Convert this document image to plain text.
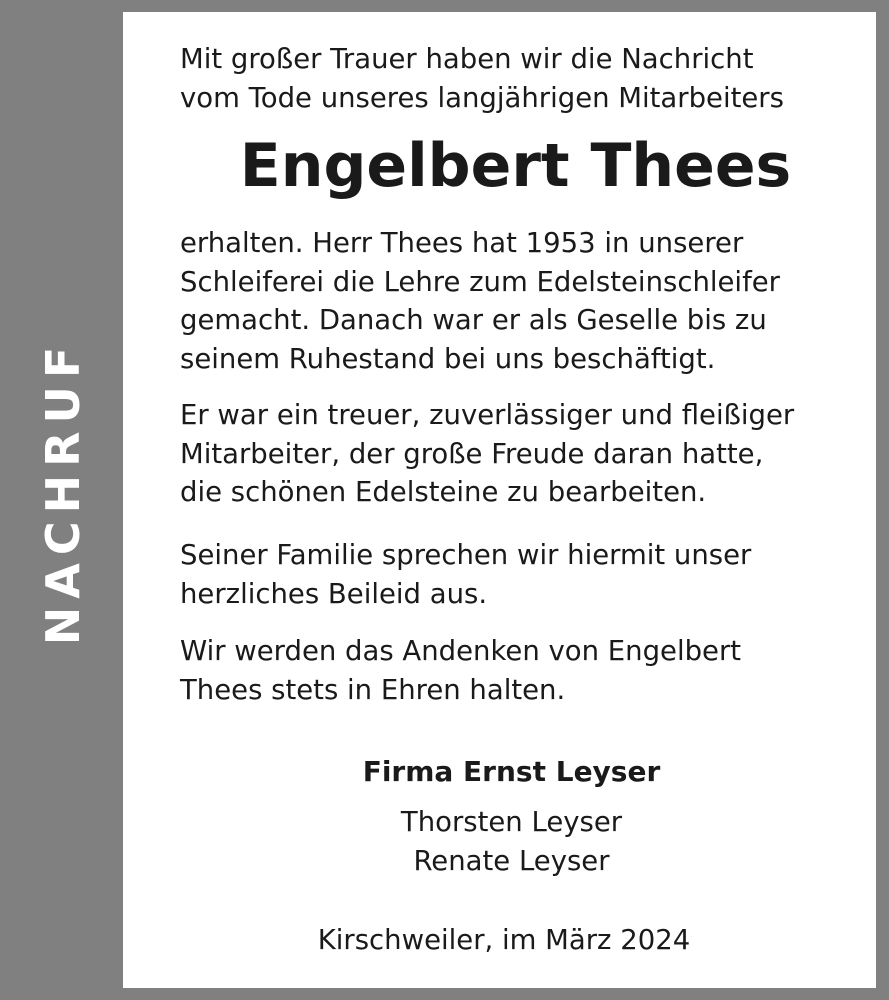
NACHRUF

Mit großer Trauer haben wir die Nachricht
vom Tode unseres langjährigen Mitarbeiters

Engelbert Thees

erhalten. Herr Thees hat 1953 in unserer
Schleiferei die Lehre zum Edelsteinschleifer
gemacht. Danach war er als Geselle bis zu
seinem Ruhestand bei uns beschäftigt.

Er war ein treuer, zuverlässiger und fleißiger
Mitarbeiter, der große Freude daran hatte,
die schönen Edelsteine zu bearbeiten.

Seiner Familie sprechen wir hiermit unser
herzliches Beileid aus.

Wir werden das Andenken von Engelbert
Thees stets in Ehren halten.

Firma Ernst Leyser

Thorsten Leyser

Renate Leyser

Kirschweiler, im März 2024
